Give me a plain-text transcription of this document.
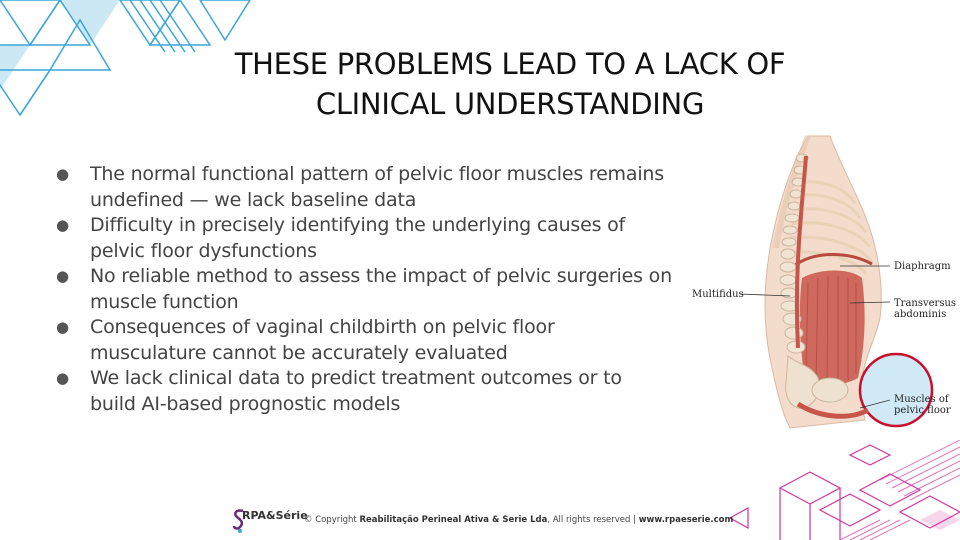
THESE PROBLEMS LEAD TO A LACK OF
CLINICAL UNDERSTANDING
● The normal functional pattern of pelvic floor muscles remains undefined — we lack baseline data
● Difficulty in precisely identifying the underlying causes of pelvic floor dysfunctions
● No reliable method to assess the impact of pelvic surgeries on muscle function
● Consequences of vaginal childbirth on pelvic floor musculature cannot be accurately evaluated
● We lack clinical data to predict treatment outcomes or to build AI-based prognostic models
Diaphragm
Multifidus
Transversus
abdominis
Muscles of
pelvic floor
RPA&Série
© Copyright Reabilitação Perineal Ativa & Serie Lda, All rights reserved | www.rpaeserie.com
